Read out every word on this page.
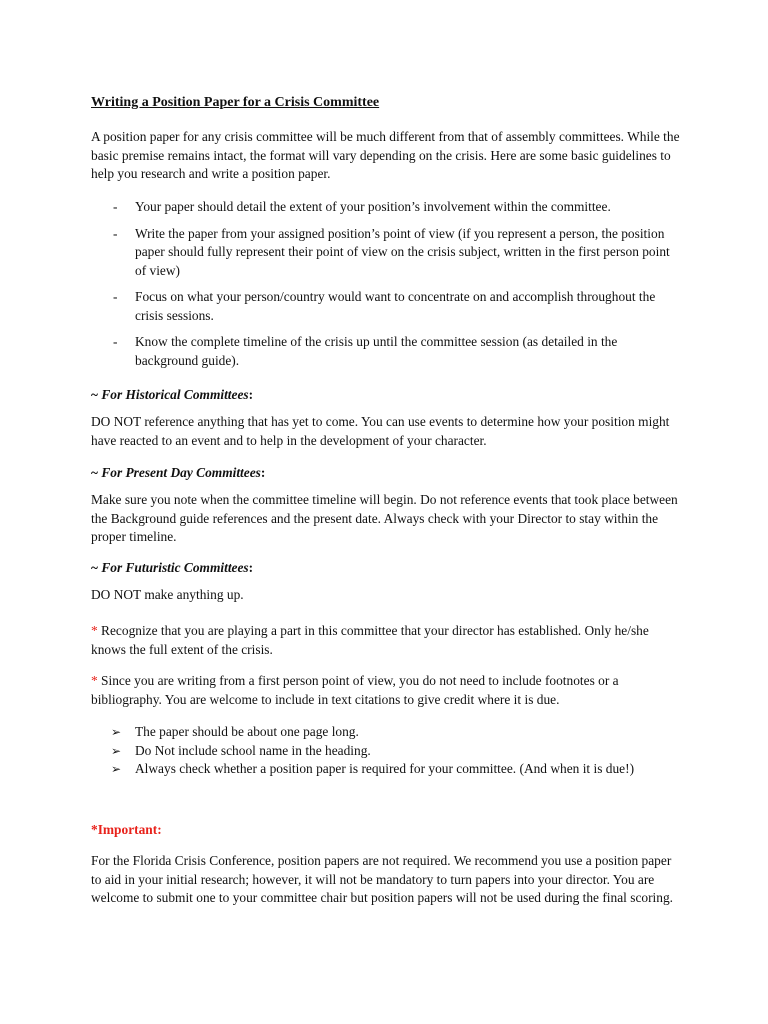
Writing a Position Paper for a Crisis Committee

A position paper for any crisis committee will be much different from that of assembly committees. While the basic premise remains intact, the format will vary depending on the crisis. Here are some basic guidelines to help you research and write a position paper.

- Your paper should detail the extent of your position’s involvement within the committee.
- Write the paper from your assigned position’s point of view (if you represent a person, the position paper should fully represent their point of view on the crisis subject, written in the first person point of view)
- Focus on what your person/country would want to concentrate on and accomplish throughout the crisis sessions.
- Know the complete timeline of the crisis up until the committee session (as detailed in the background guide).

~ For Historical Committees:

DO NOT reference anything that has yet to come. You can use events to determine how your position might have reacted to an event and to help in the development of your character.

~ For Present Day Committees:

Make sure you note when the committee timeline will begin. Do not reference events that took place between the Background guide references and the present date. Always check with your Director to stay within the proper timeline.

~ For Futuristic Committees:

DO NOT make anything up.

* Recognize that you are playing a part in this committee that your director has established. Only he/she knows the full extent of the crisis.

* Since you are writing from a first person point of view, you do not need to include footnotes or a bibliography. You are welcome to include in text citations to give credit where it is due.

➢ The paper should be about one page long.
➢ Do Not include school name in the heading.
➢ Always check whether a position paper is required for your committee. (And when it is due!)

*Important:

For the Florida Crisis Conference, position papers are not required. We recommend you use a position paper to aid in your initial research; however, it will not be mandatory to turn papers into your director. You are welcome to submit one to your committee chair but position papers will not be used during the final scoring.
